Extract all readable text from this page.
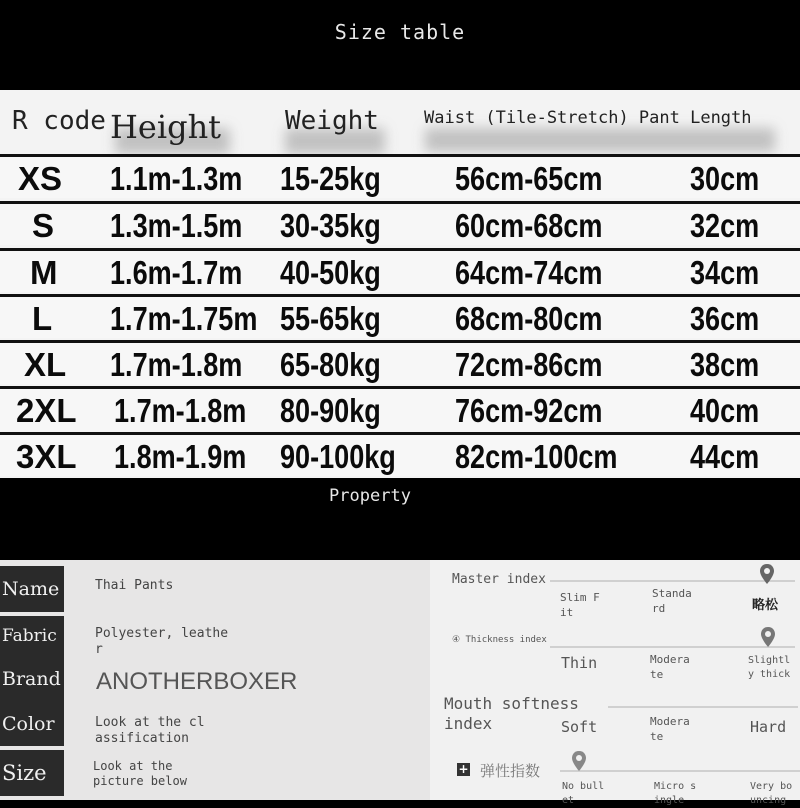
Size table
R code Height Weight	Waist (Tile-Stretch) Pant Length
XS 1.1m-1.3m 15-25kg 56cm-65cm	30cm
S 1.3m-1.5m 30-35kg 60cm-68cm	32cm
M 1.6m-1.7m 40-50kg 64cm-74cm	34cm
L 1.7m-1.75m 55-65kg 68cm-80cm	36cm
XL 1.7m-1.8m 65-80kg 72cm-86cm	38cm
2XL 1.7m-1.8m 80-90kg 76cm-92cm	40cm
3XL 1.8m-1.9m 90-100kg 82cm-100cm 44cm
Property
Name	Thai Pants
Fabric	Polyester, leathe
r
Brand ANOTHERBOXER
Color	Look at the cl
assification
Size	Look at the
picture below
Master index
Slim F
it
Standa
rd	略松
④ Thickness index
Thin	Modera
te
Slightl
y thick
Mouth softness
index	Soft	Modera
te
Hard
+ 弹性指数
No bull
et
Micro s
ingle
Very bo
uncing
